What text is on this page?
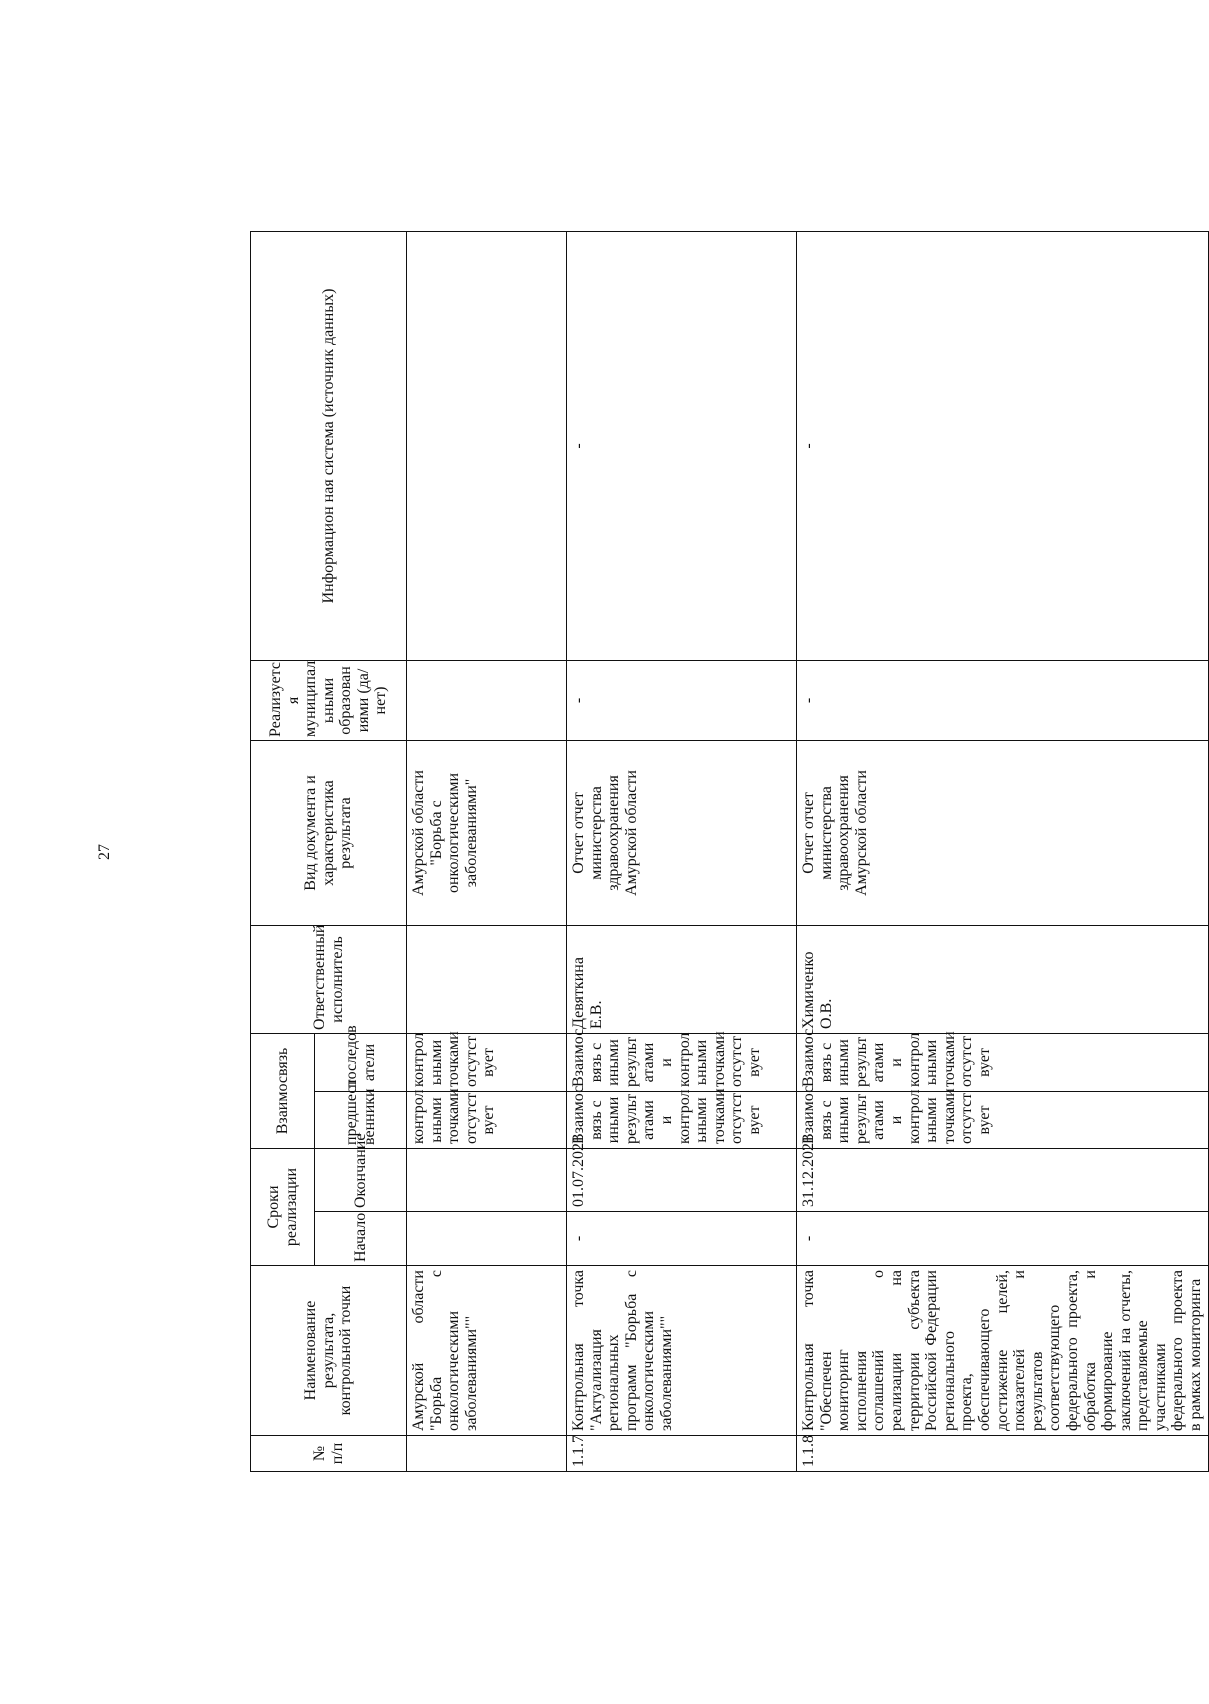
27
№ п/п	Наименование результата, контрольной точки	Сроки реализации		Взаимосвязь		Ответственный исполнитель	Вид документа и характеристика результата	Реализуетс я муниципал ьными образован иями (да/нет)	Информацион ная система (источник данных)
		Начало	Окончание	предшест венники	последов атели				
	Амурской области "Борьба с онкологическими заболеваниями""			контрол ьными точками отсутст вует	контрол ьными точками отсутст вует		Амурской области "Борьба с онкологическими заболеваниями"		
1.1.7	Контрольная точка "Актуализация региональных программ "Борьба с онкологическими заболеваниями""	-	01.07.2021	Взаимос вязь с иными результ атами и контрол ьными точками отсутст вует	Взаимос вязь с иными результ атами и контрол ьными точками отсутст вует	Девяткина Е.В.	Отчет отчет министерства здравоохранения Амурской области	-	-
1.1.8	Контрольная точка "Обеспечен мониторинг исполнения соглашений о реализации на территории субъекта Российской Федерации регионального проекта, обеспечивающего достижение целей, показателей и результатов соответствующего федерального проекта, обработка и формирование заключений на отчеты, представляемые участниками федерального проекта в рамках мониторинга	-	31.12.2021	Взаимос вязь с иными результ атами и контрол ьными точками отсутст вует	Взаимос вязь с иными результ атами и контрол ьными точками отсутст вует	Химиченко О.В.	Отчет отчет министерства здравоохранения Амурской области	-	-
